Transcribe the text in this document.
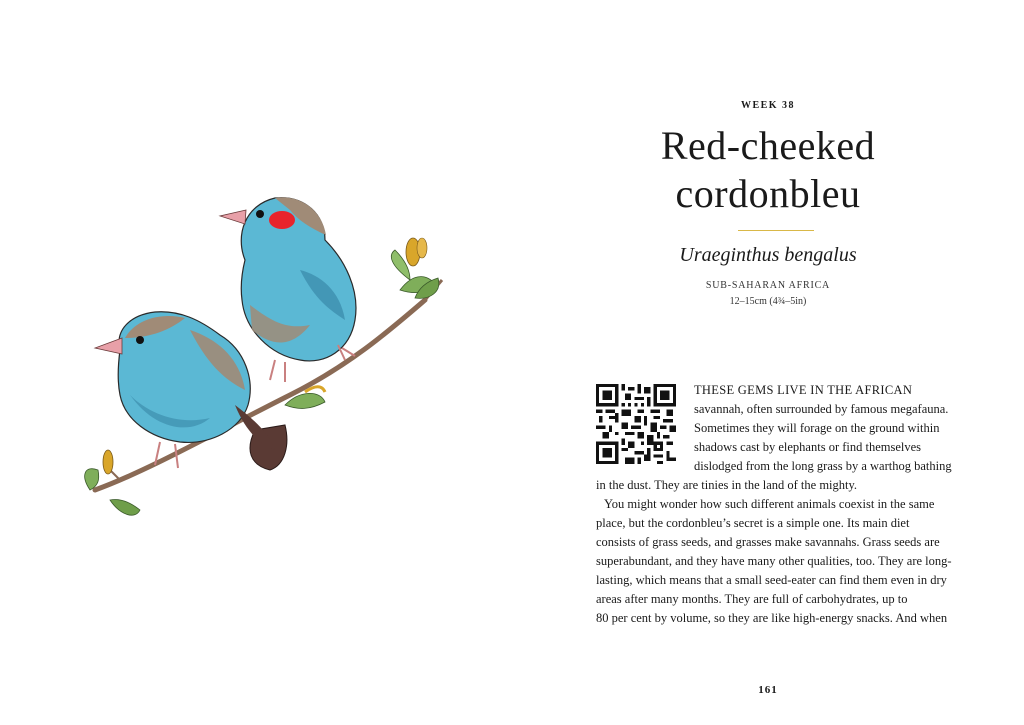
WEEK 38
Red-cheeked
cordonbleu
Uraeginthus bengalus
SUB-SAHARAN AFRICA
12–15cm (4¾–5in)
THESE GEMS LIVE IN THE AFRICAN
savannah, often surrounded by famous megafauna.
Sometimes they will forage on the ground within
shadows cast by elephants or find themselves
dislodged from the long grass by a warthog bathing
in the dust. They are tinies in the land of the mighty.
You might wonder how such different animals coexist in the same
place, but the cordonbleu’s secret is a simple one. Its main diet
consists of grass seeds, and grasses make savannahs. Grass seeds are
superabundant, and they have many other qualities, too. They are long-
lasting, which means that a small seed-eater can find them even in dry
areas after many months. They are full of carbohydrates, up to
80 per cent by volume, so they are like high-energy snacks. And when
161
